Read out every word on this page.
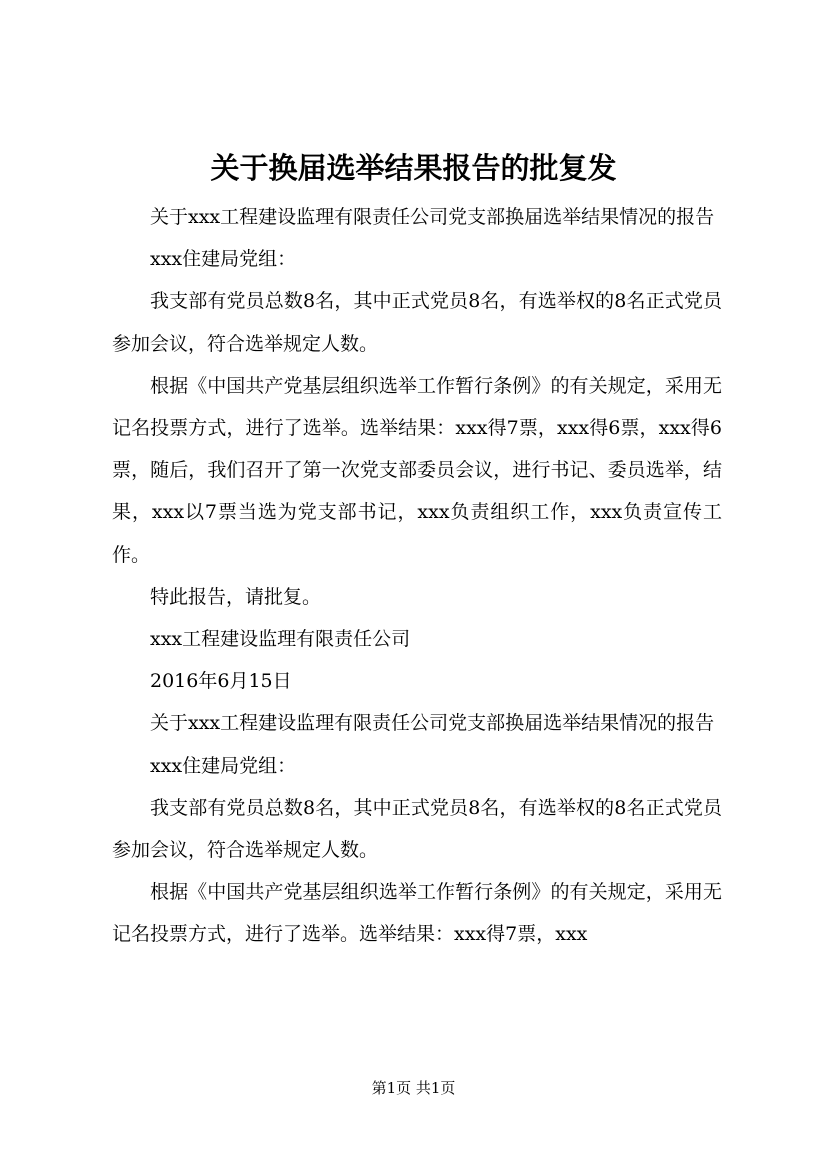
关于换届选举结果报告的批复发

关于xxx工程建设监理有限责任公司党支部换届选举结果情况的报告

xxx住建局党组：

我支部有党员总数8名，其中正式党员8名，有选举权的8名正式党员参加会议，符合选举规定人数。

根据《中国共产党基层组织选举工作暂行条例》的有关规定，采用无记名投票方式，进行了选举。选举结果：xxx得7票，xxx得6票，xxx得6票，随后，我们召开了第一次党支部委员会议，进行书记、委员选举，结果，xxx以7票当选为党支部书记，xxx负责组织工作，xxx负责宣传工作。

特此报告，请批复。

xxx工程建设监理有限责任公司

2016年6月15日

关于xxx工程建设监理有限责任公司党支部换届选举结果情况的报告

xxx住建局党组：

我支部有党员总数8名，其中正式党员8名，有选举权的8名正式党员参加会议，符合选举规定人数。

根据《中国共产党基层组织选举工作暂行条例》的有关规定，采用无记名投票方式，进行了选举。选举结果：xxx得7票，xxx

第1页 共1页
